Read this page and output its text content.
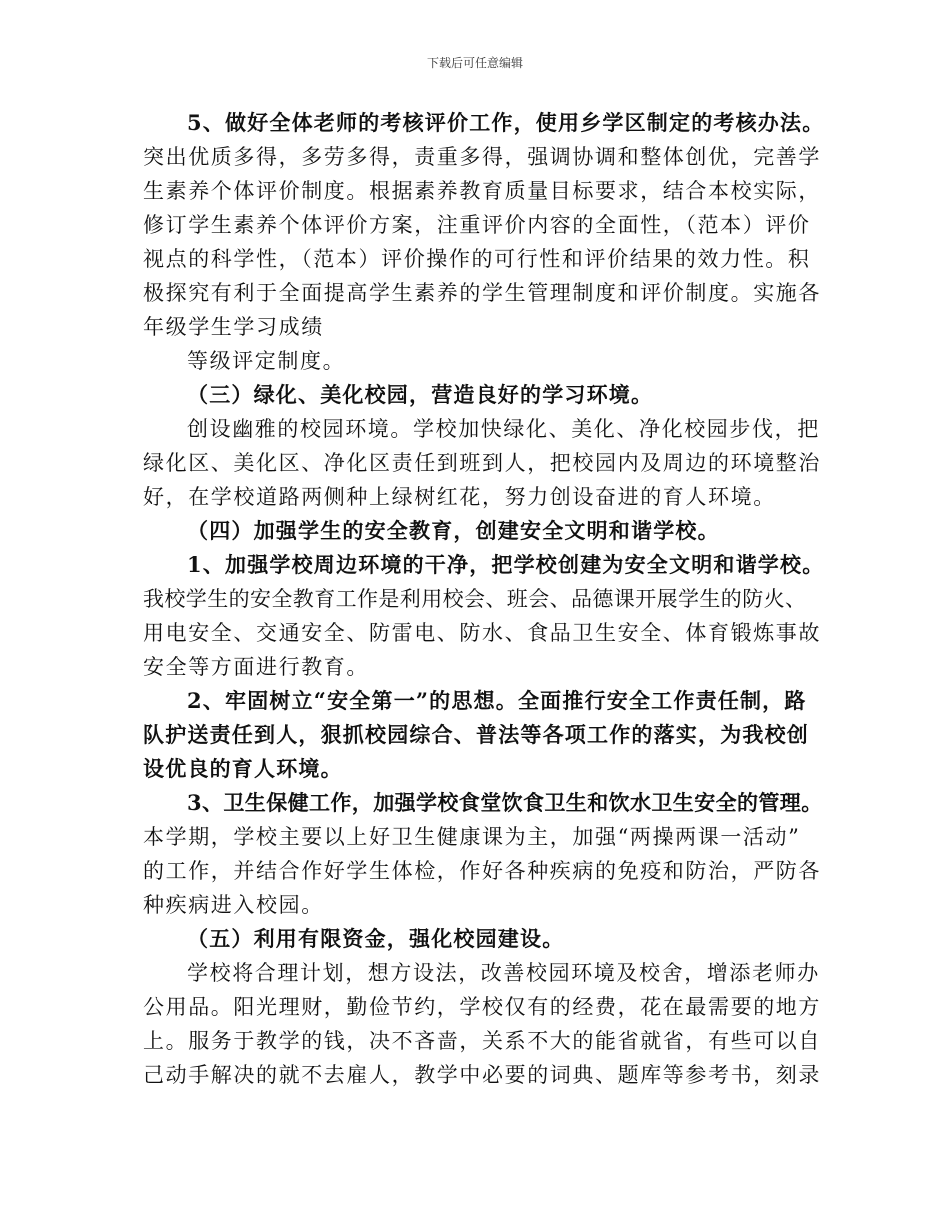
下载后可任意编辑
5、做好全体老师的考核评价工作，使用乡学区制定的考核办法。
突出优质多得，多劳多得，责重多得，强调协调和整体创优，完善学
生素养个体评价制度。根据素养教育质量目标要求，结合本校实际，
修订学生素养个体评价方案，注重评价内容的全面性，（范本）评价
视点的科学性，（范本）评价操作的可行性和评价结果的效力性。积
极探究有利于全面提高学生素养的学生管理制度和评价制度。实施各
年级学生学习成绩
等级评定制度。
（三）绿化、美化校园，营造良好的学习环境。
创设幽雅的校园环境。学校加快绿化、美化、净化校园步伐，把
绿化区、美化区、净化区责任到班到人，把校园内及周边的环境整治
好，在学校道路两侧种上绿树红花，努力创设奋进的育人环境。
（四）加强学生的安全教育，创建安全文明和谐学校。
1、加强学校周边环境的干净，把学校创建为安全文明和谐学校。
我校学生的安全教育工作是利用校会、班会、品德课开展学生的防火、
用电安全、交通安全、防雷电、防水、食品卫生安全、体育锻炼事故
安全等方面进行教育。
2、牢固树立“安全第一”的思想。全面推行安全工作责任制，路
队护送责任到人，狠抓校园综合、普法等各项工作的落实，为我校创
设优良的育人环境。
3、卫生保健工作，加强学校食堂饮食卫生和饮水卫生安全的管理。
本学期，学校主要以上好卫生健康课为主，加强“两操两课一活动”
的工作，并结合作好学生体检，作好各种疾病的免疫和防治，严防各
种疾病进入校园。
（五）利用有限资金，强化校园建设。
学校将合理计划，想方设法，改善校园环境及校舍，增添老师办
公用品。阳光理财，勤俭节约，学校仅有的经费，花在最需要的地方
上。服务于教学的钱，决不吝啬，关系不大的能省就省，有些可以自
己动手解决的就不去雇人，教学中必要的词典、题库等参考书，刻录
